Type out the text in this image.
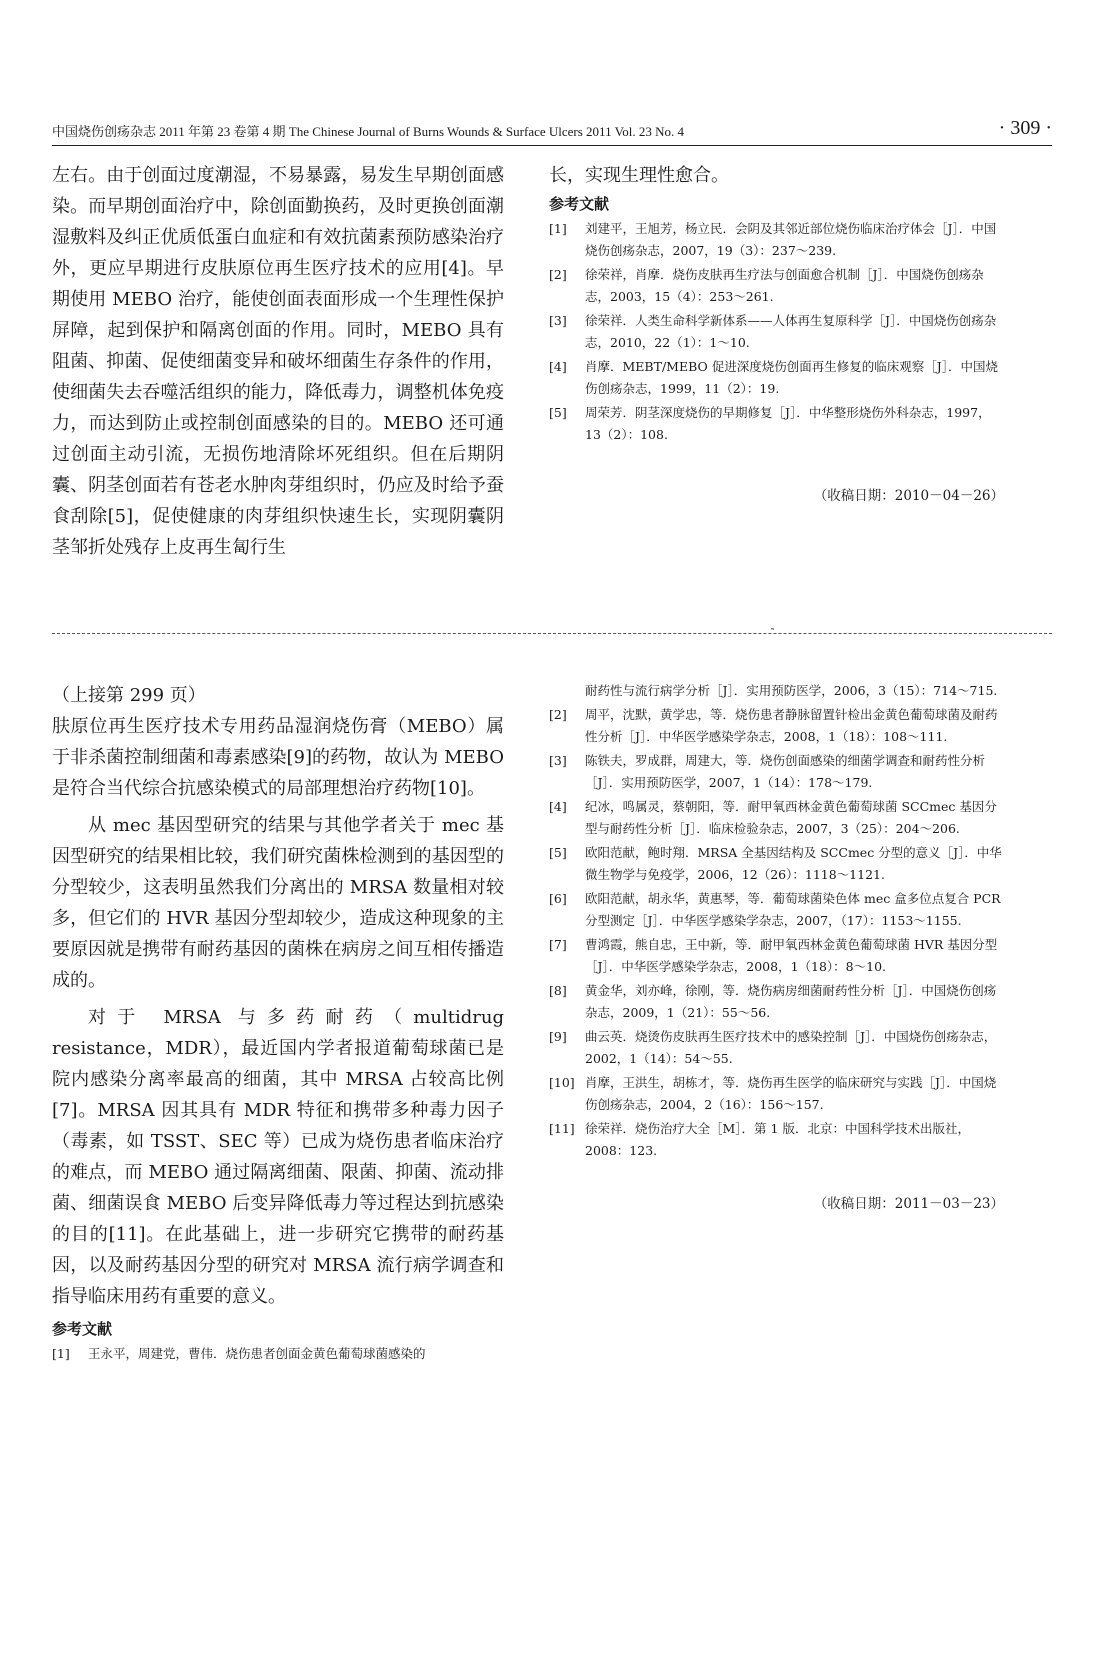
中国烧伤创疡杂志 2011 年第 23 卷第 4 期 The Chinese Journal of Burns Wounds & Surface Ulcers 2011 Vol. 23 No. 4	· 309 ·

左右。由于创面过度潮湿，不易暴露，易发生早期创面感染。而早期创面治疗中，除创面勤换药，及时更换创面潮湿敷料及纠正优质低蛋白血症和有效抗菌素预防感染治疗外，更应早期进行皮肤原位再生医疗技术的应用[4]。早期使用 MEBO 治疗，能使创面表面形成一个生理性保护屏障，起到保护和隔离创面的作用。同时，MEBO 具有阻菌、抑菌、促使细菌变异和破坏细菌生存条件的作用，使细菌失去吞噬活组织的能力，降低毒力，调整机体免疫力，而达到防止或控制创面感染的目的。MEBO 还可通过创面主动引流，无损伤地清除坏死组织。但在后期阴囊、阴茎创面若有苍老水肿肉芽组织时，仍应及时给予蚕食刮除[5]，促使健康的肉芽组织快速生长，实现阴囊阴茎邹折处残存上皮再生匐行生

长，实现生理性愈合。

参考文献
[1]	刘建平，王旭芳，杨立民．会阴及其邻近部位烧伤临床治疗体会［J］．中国烧伤创疡杂志，2007，19（3）：237～239.
[2]	徐荣祥，肖摩．烧伤皮肤再生疗法与创面愈合机制［J］．中国烧伤创疡杂志，2003，15（4）：253～261.
[3]	徐荣祥．人类生命科学新体系——人体再生复原科学［J］．中国烧伤创疡杂志，2010，22（1）：1～10.
[4]	肖摩．MEBT/MEBO 促进深度烧伤创面再生修复的临床观察［J］．中国烧伤创疡杂志，1999，11（2）：19.
[5]	周荣芳．阴茎深度烧伤的早期修复［J］．中华整形烧伤外科杂志，1997，13（2）：108.
（收稿日期：2010－04－26）
˜

（上接第 299 页）

肤原位再生医疗技术专用药品湿润烧伤膏（MEBO）属于非杀菌控制细菌和毒素感染[9]的药物，故认为 MEBO 是符合当代综合抗感染模式的局部理想治疗药物[10]。

从 mec 基因型研究的结果与其他学者关于 mec 基因型研究的结果相比较，我们研究菌株检测到的基因型的分型较少，这表明虽然我们分离出的 MRSA 数量相对较多，但它们的 HVR 基因分型却较少，造成这种现象的主要原因就是携带有耐药基因的菌株在病房之间互相传播造成的。

对于 MRSA 与多药耐药（multidrug resistance，MDR），最近国内学者报道葡萄球菌已是院内感染分离率最高的细菌，其中 MRSA 占较高比例[7]。MRSA 因其具有 MDR 特征和携带多种毒力因子（毒素，如 TSST、SEC 等）已成为烧伤患者临床治疗的难点，而 MEBO 通过隔离细菌、限菌、抑菌、流动排菌、细菌误食 MEBO 后变异降低毒力等过程达到抗感染的目的[11]。在此基础上，进一步研究它携带的耐药基因，以及耐药基因分型的研究对 MRSA 流行病学调查和指导临床用药有重要的意义。

参考文献
[1]	王永平，周建党，曹伟．烧伤患者创面金黄色葡萄球菌感染的
耐药性与流行病学分析［J］．实用预防医学，2006，3（15）：714～715.
[2]	周平，沈默，黄学忠，等．烧伤患者静脉留置针检出金黄色葡萄球菌及耐药性分析［J］．中华医学感染学杂志，2008，1（18）：108～111.
[3]	陈铁夫，罗成群，周建大，等．烧伤创面感染的细菌学调查和耐药性分析［J］．实用预防医学，2007，1（14）：178～179.
[4]	纪冰，鸣属灵，蔡朝阳，等．耐甲氧西林金黄色葡萄球菌 SCCmec 基因分型与耐药性分析［J］．临床检验杂志，2007，3（25）：204～206.
[5]	欧阳范献，鲍时翔．MRSA 全基因结构及 SCCmec 分型的意义［J］．中华微生物学与免疫学，2006，12（26）：1118～1121.
[6]	欧阳范献，胡永华，黄惠琴，等．葡萄球菌染色体 mec 盒多位点复合 PCR 分型测定［J］．中华医学感染学杂志，2007，（17）：1153～1155.
[7]	曹鸿霞，熊自忠，王中新，等．耐甲氧西林金黄色葡萄球菌 HVR 基因分型［J］．中华医学感染学杂志，2008，1（18）：8～10.
[8]	黄金华，刘亦峰，徐刚，等．烧伤病房细菌耐药性分析［J］．中国烧伤创疡杂志，2009，1（21）：55～56.
[9]	曲云英．烧烫伤皮肤再生医疗技术中的感染控制［J］．中国烧伤创疡杂志，2002，1（14）：54～55.
[10] 肖摩，王洪生，胡栋才，等．烧伤再生医学的临床研究与实践［J］．中国烧伤创疡杂志，2004，2（16）：156～157.
[11] 徐荣祥．烧伤治疗大全［M］．第 1 版．北京：中国科学技术出版社，2008：123.
（收稿日期：2011－03－23）
